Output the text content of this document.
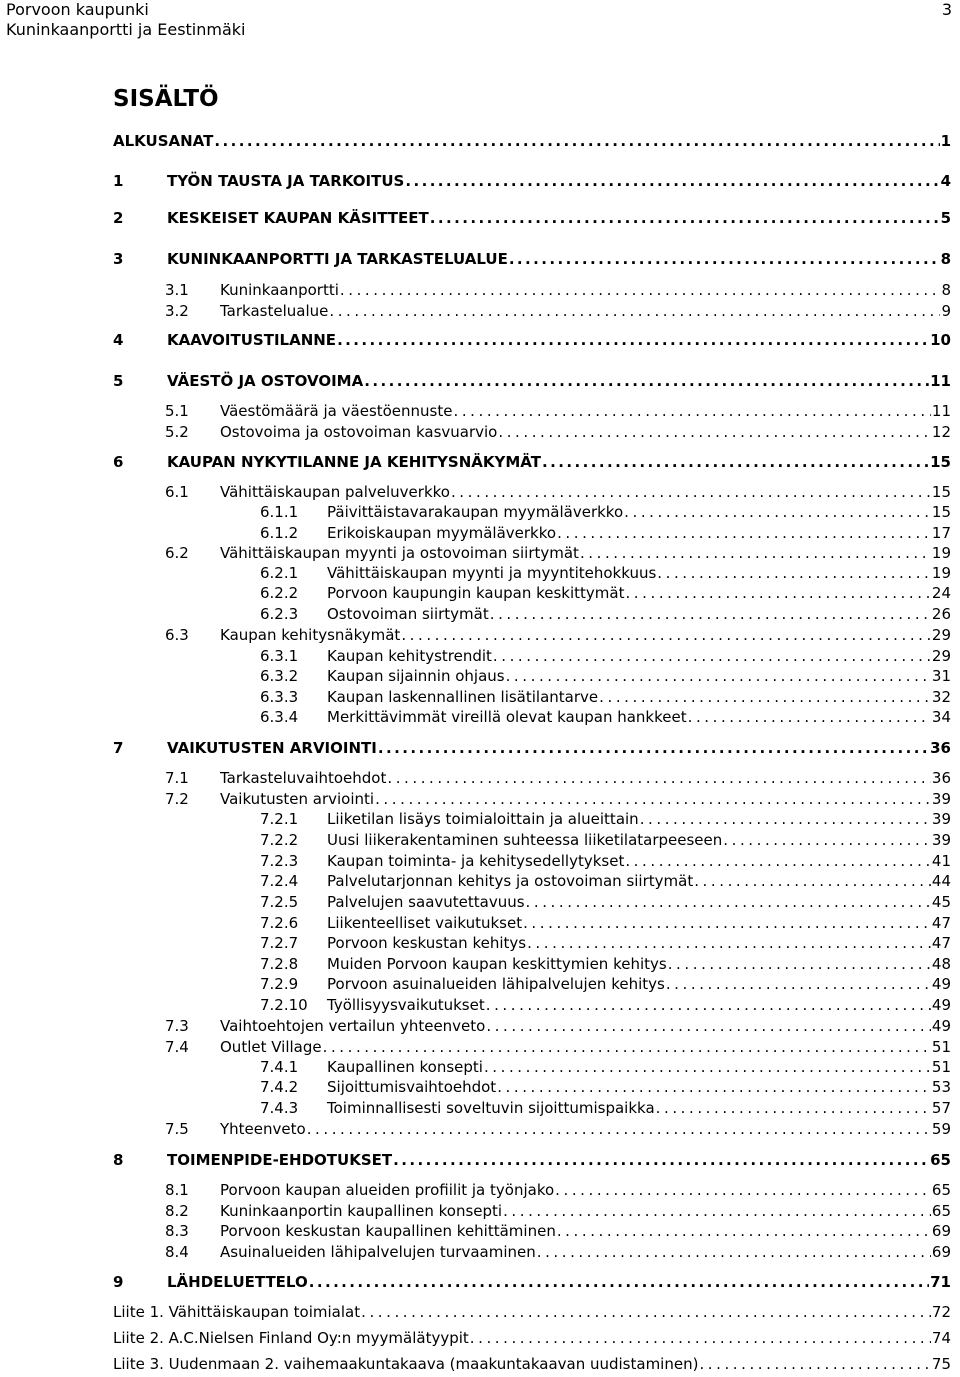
Porvoon kaupunki
Kuninkaanportti ja Eestinmäki
3
SISÄLTÖ
ALKUSANAT . . .	1
1	TYÖN TAUSTA JA TARKOITUS . . .	4
2	KESKEISET KAUPAN KÄSITTEET . . .	5
3	KUNINKAANPORTTI JA TARKASTELUALUE . . .	8
3.1 Kuninkaanportti . . .	8
3.2 Tarkastelualue . . .	9
4	KAAVOITUSTILANNE . . .	10
5	VÄESTÖ JA OSTOVOIMA . . .	11
5.1 Väestömäärä ja väestöennuste . . .	11
5.2 Ostovoima ja ostovoiman kasvuarvio . . .	12
6	KAUPAN NYKYTILANNE JA KEHITYSNÄKYMÄT . . .	15
6.1 Vähittäiskaupan palveluverkko . . .	15
6.1.1 Päivittäistavarakaupan myymäläverkko . . .	15
6.1.2 Erikoiskaupan myymäläverkko . . .	17
6.2 Vähittäiskaupan myynti ja ostovoiman siirtymät . . .	19
6.2.1 Vähittäiskaupan myynti ja myyntitehokkuus . . .	19
6.2.2 Porvoon kaupungin kaupan keskittymät . . .	24
6.2.3 Ostovoiman siirtymät . . .	26
6.3 Kaupan kehitysnäkymät . . .	29
6.3.1 Kaupan kehitystrendit . . .	29
6.3.2 Kaupan sijainnin ohjaus . . .	31
6.3.3 Kaupan laskennallinen lisätilantarve . . .	32
6.3.4 Merkittävimmät vireillä olevat kaupan hankkeet . . .	34
7	VAIKUTUSTEN ARVIOINTI . . .	36
7.1 Tarkasteluvaihtoehdot . . .	36
7.2 Vaikutusten arviointi . . .	39
7.2.1 Liiketilan lisäys toimialoittain ja alueittain . . .	39
7.2.2 Uusi liikerakentaminen suhteessa liiketilatarpeeseen . . .	39
7.2.3 Kaupan toiminta- ja kehitysedellytykset . . .	41
7.2.4 Palvelutarjonnan kehitys ja ostovoiman siirtymät . . .	44
7.2.5 Palvelujen saavutettavuus . . .	45
7.2.6 Liikenteelliset vaikutukset . . .	47
7.2.7 Porvoon keskustan kehitys . . .	47
7.2.8 Muiden Porvoon kaupan keskittymien kehitys . . .	48
7.2.9 Porvoon asuinalueiden lähipalvelujen kehitys . . .	49
7.2.10 Työllisyysvaikutukset . . .	49
7.3 Vaihtoehtojen vertailun yhteenveto . . .	49
7.4 Outlet Village . . .	51
7.4.1 Kaupallinen konsepti . . .	51
7.4.2 Sijoittumisvaihtoehdot . . .	53
7.4.3 Toiminnallisesti soveltuvin sijoittumispaikka . . .	57
7.5 Yhteenveto . . .	59
8	TOIMENPIDE-EHDOTUKSET . . .	65
8.1 Porvoon kaupan alueiden profiilit ja työnjako . . .	65
8.2 Kuninkaanportin kaupallinen konsepti . . .	65
8.3 Porvoon keskustan kaupallinen kehittäminen . . .	69
8.4 Asuinalueiden lähipalvelujen turvaaminen . . .	69
9	LÄHDELUETTELO . . .	71
Liite 1. Vähittäiskaupan toimialat . . .	72
Liite 2. A.C.Nielsen Finland Oy:n myymälätyypit . . .	74
Liite 3. Uudenmaan 2. vaihemaakuntakaava (maakuntakaavan uudistaminen) . . .	75
